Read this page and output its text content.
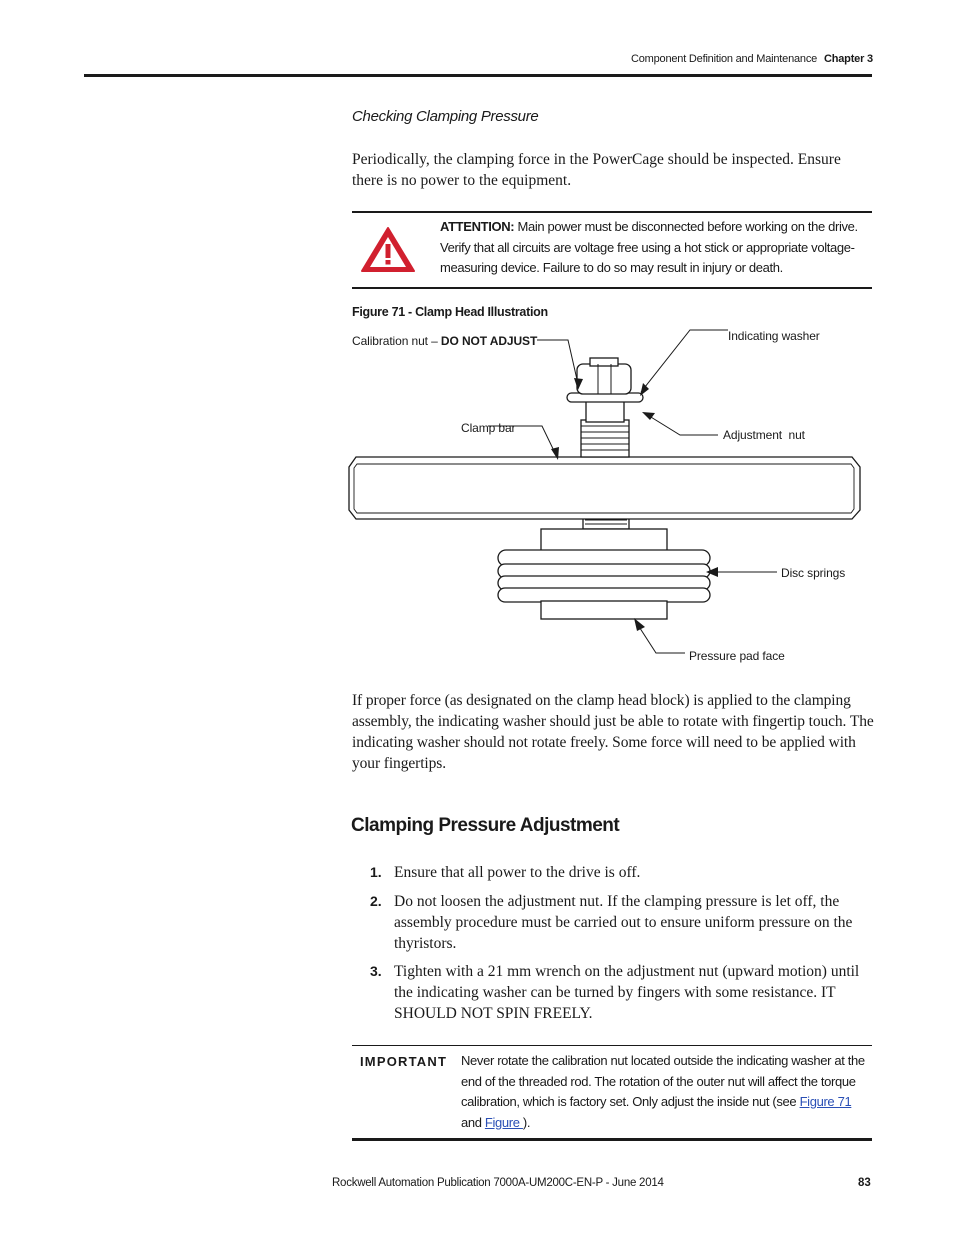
Component Definition and Maintenance Chapter 3
Checking Clamping Pressure
Periodically, the clamping force in the PowerCage should be inspected. Ensure there is no power to the equipment.
ATTENTION: Main power must be disconnected before working on the drive. Verify that all circuits are voltage free using a hot stick or appropriate voltage-measuring device. Failure to do so may result in injury or death.
Figure 71 - Clamp Head Illustration
Calibration nut – DO NOT ADJUST	Indicating washer
Clamp bar	Adjustment  nut
Disc springs
Pressure pad face
If proper force (as designated on the clamp head block) is applied to the clamping assembly, the indicating washer should just be able to rotate with fingertip touch. The indicating washer should not rotate freely. Some force will need to be applied with your fingertips.
Clamping Pressure Adjustment
1. Ensure that all power to the drive is off.
2. Do not loosen the adjustment nut. If the clamping pressure is let off, the assembly procedure must be carried out to ensure uniform pressure on the thyristors.
3. Tighten with a 21 mm wrench on the adjustment nut (upward motion) until the indicating washer can be turned by fingers with some resistance. IT SHOULD NOT SPIN FREELY.
IMPORTANT Never rotate the calibration nut located outside the indicating washer at the end of the threaded rod. The rotation of the outer nut will affect the torque calibration, which is factory set. Only adjust the inside nut (see Figure 71 and Figure ).
Rockwell Automation Publication 7000A-UM200C-EN-P - June 2014	83
